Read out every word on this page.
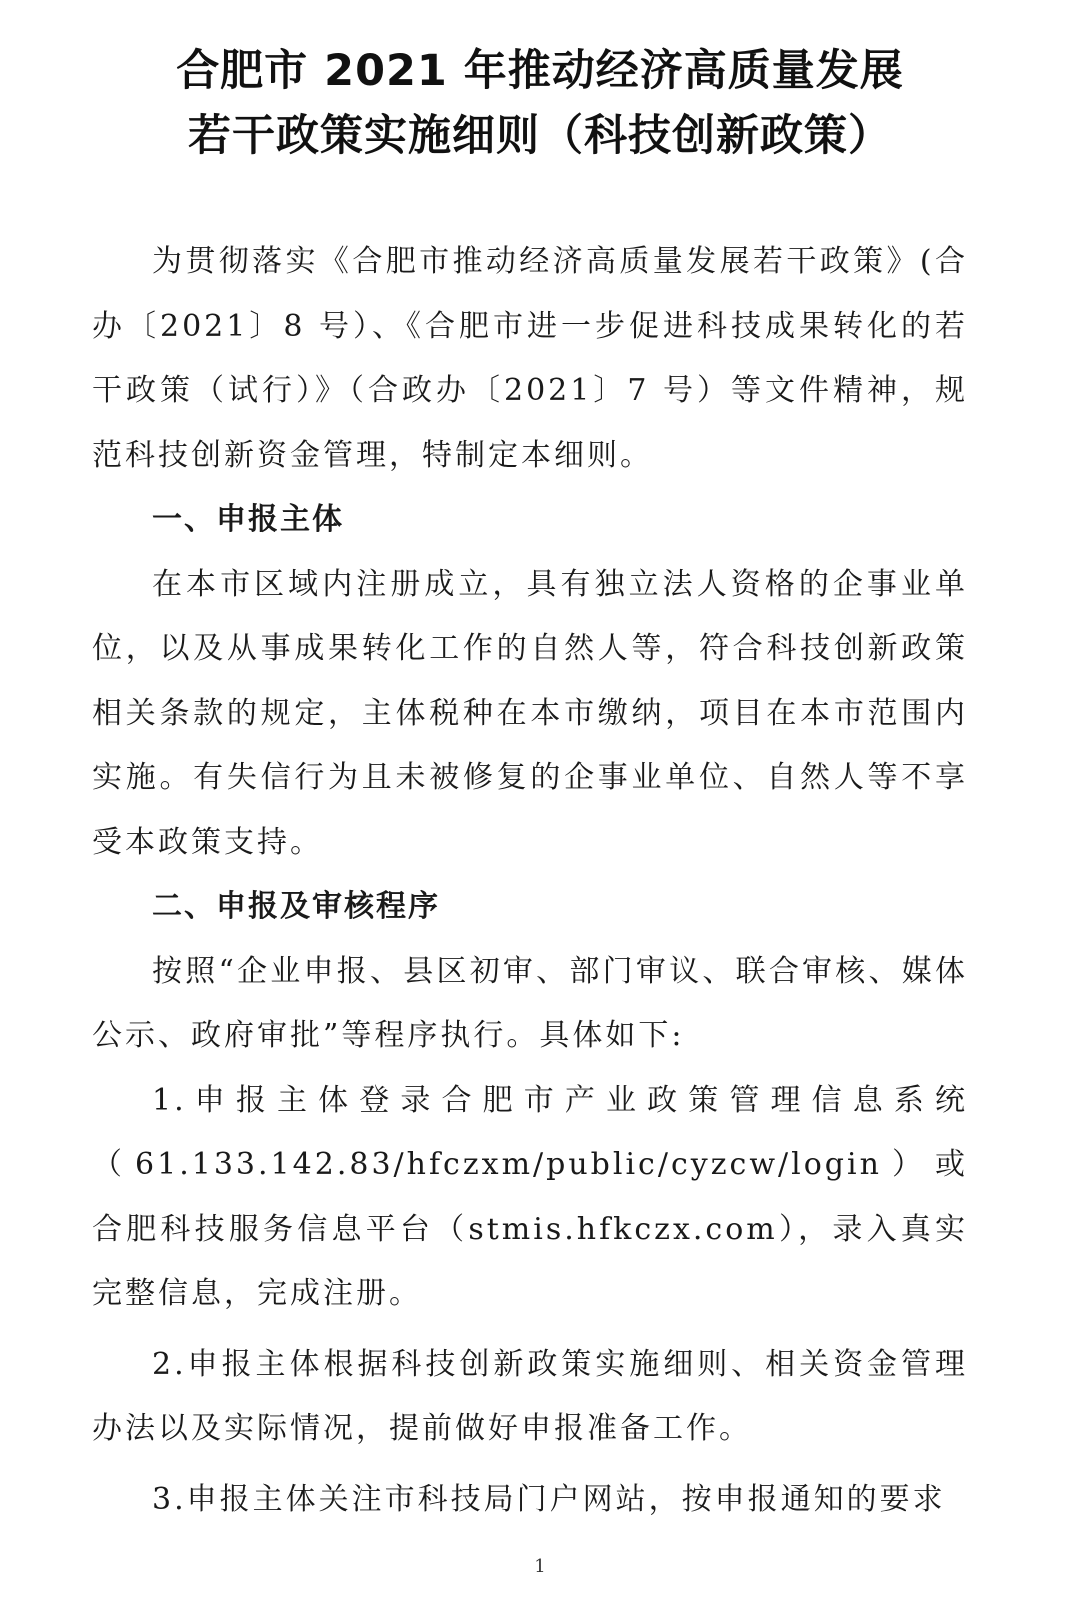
合肥市 2021 年推动经济高质量发展
若干政策实施细则（科技创新政策）

为贯彻落实《合肥市推动经济高质量发展若干政策》(合办〔2021〕8 号）、《合肥市进一步促进科技成果转化的若干政策（试行）》（合政办〔2021〕7 号）等文件精神，规范科技创新资金管理，特制定本细则。

一、申报主体

在本市区域内注册成立，具有独立法人资格的企事业单位，以及从事成果转化工作的自然人等，符合科技创新政策相关条款的规定，主体税种在本市缴纳，项目在本市范围内实施。有失信行为且未被修复的企事业单位、自然人等不享受本政策支持。

二、申报及审核程序

按照“企业申报、县区初审、部门审议、联合审核、媒体公示、政府审批”等程序执行。具体如下:

1.申报主体登录合肥市产业政策管理信息系统（61.133.142.83/hfczxm/public/cyzcw/login）或合肥科技服务信息平台（stmis.hfkczx.com），录入真实完整信息，完成注册。

2.申报主体根据科技创新政策实施细则、相关资金管理办法以及实际情况，提前做好申报准备工作。

3.申报主体关注市科技局门户网站，按申报通知的要求

1
